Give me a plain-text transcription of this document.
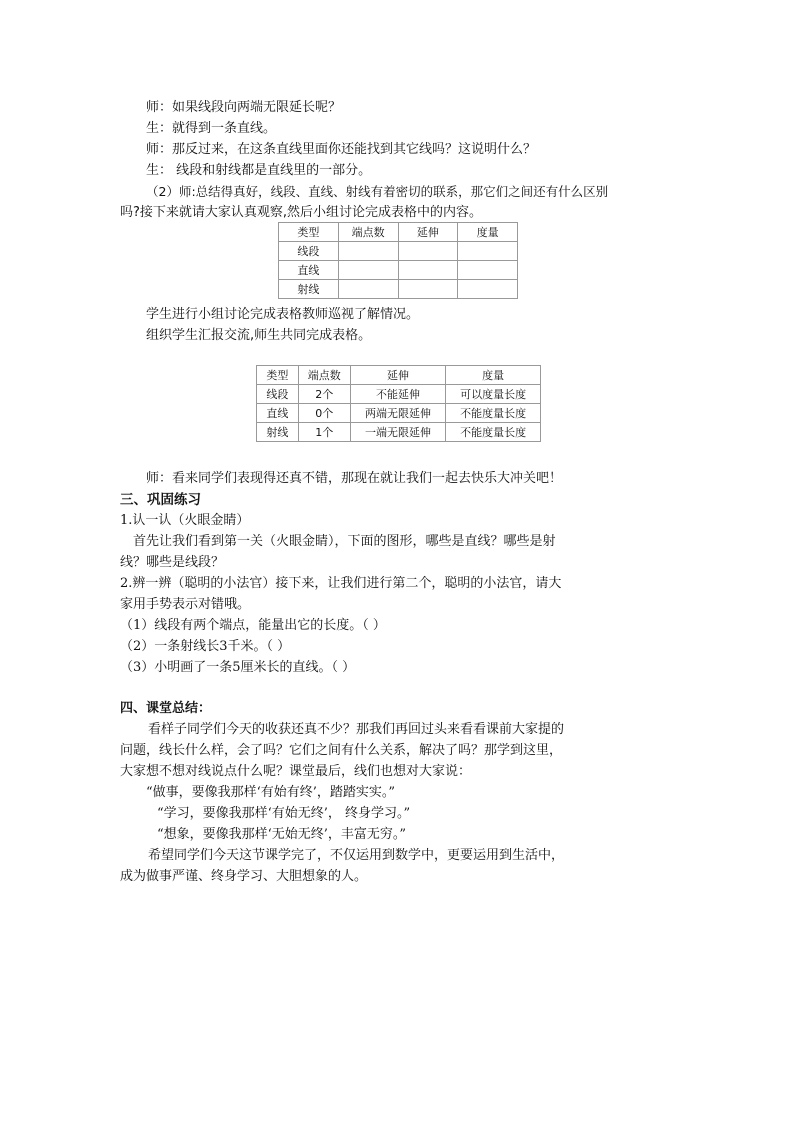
师：如果线段向两端无限延长呢？
生：就得到一条直线。
师：那反过来，在这条直线里面你还能找到其它线吗？这说明什么？
生： 线段和射线都是直线里的一部分。
（2）师:总结得真好，线段、直线、射线有着密切的联系，那它们之间还有什么区别
吗?接下来就请大家认真观察,然后小组讨论完成表格中的内容。
类型	端点数	延伸	度量
线段			
直线			
射线			
学生进行小组讨论完成表格教师巡视了解情况。
组织学生汇报交流,师生共同完成表格。
类型	端点数	延伸	度量
线段	2个	不能延伸	可以度量长度
直线	0个	两端无限延伸	不能度量长度
射线	1个	一端无限延伸	不能度量长度
师：看来同学们表现得还真不错，那现在就让我们一起去快乐大冲关吧！
三、巩固练习
1.认一认（火眼金睛）
首先让我们看到第一关（火眼金睛），下面的图形，哪些是直线？哪些是射
线？哪些是线段？
2.辨一辨（聪明的小法官）接下来，让我们进行第二个，聪明的小法官，请大
家用手势表示对错哦。
（1）线段有两个端点，能量出它的长度。（ ）
（2）一条射线长3千米。（ ）
（3）小明画了一条5厘米长的直线。（ ）
四、课堂总结：
看样子同学们今天的收获还真不少？那我们再回过头来看看课前大家提的
问题，线长什么样，会了吗？它们之间有什么关系，解决了吗？那学到这里，
大家想不想对线说点什么呢？课堂最后，线们也想对大家说：
“做事，要像我那样‘有始有终’，踏踏实实。”
“学习，要像我那样‘有始无终’， 终身学习。”
“想象，要像我那样‘无始无终’，丰富无穷。”
希望同学们今天这节课学完了，不仅运用到数学中，更要运用到生活中，
成为做事严谨、终身学习、大胆想象的人。
